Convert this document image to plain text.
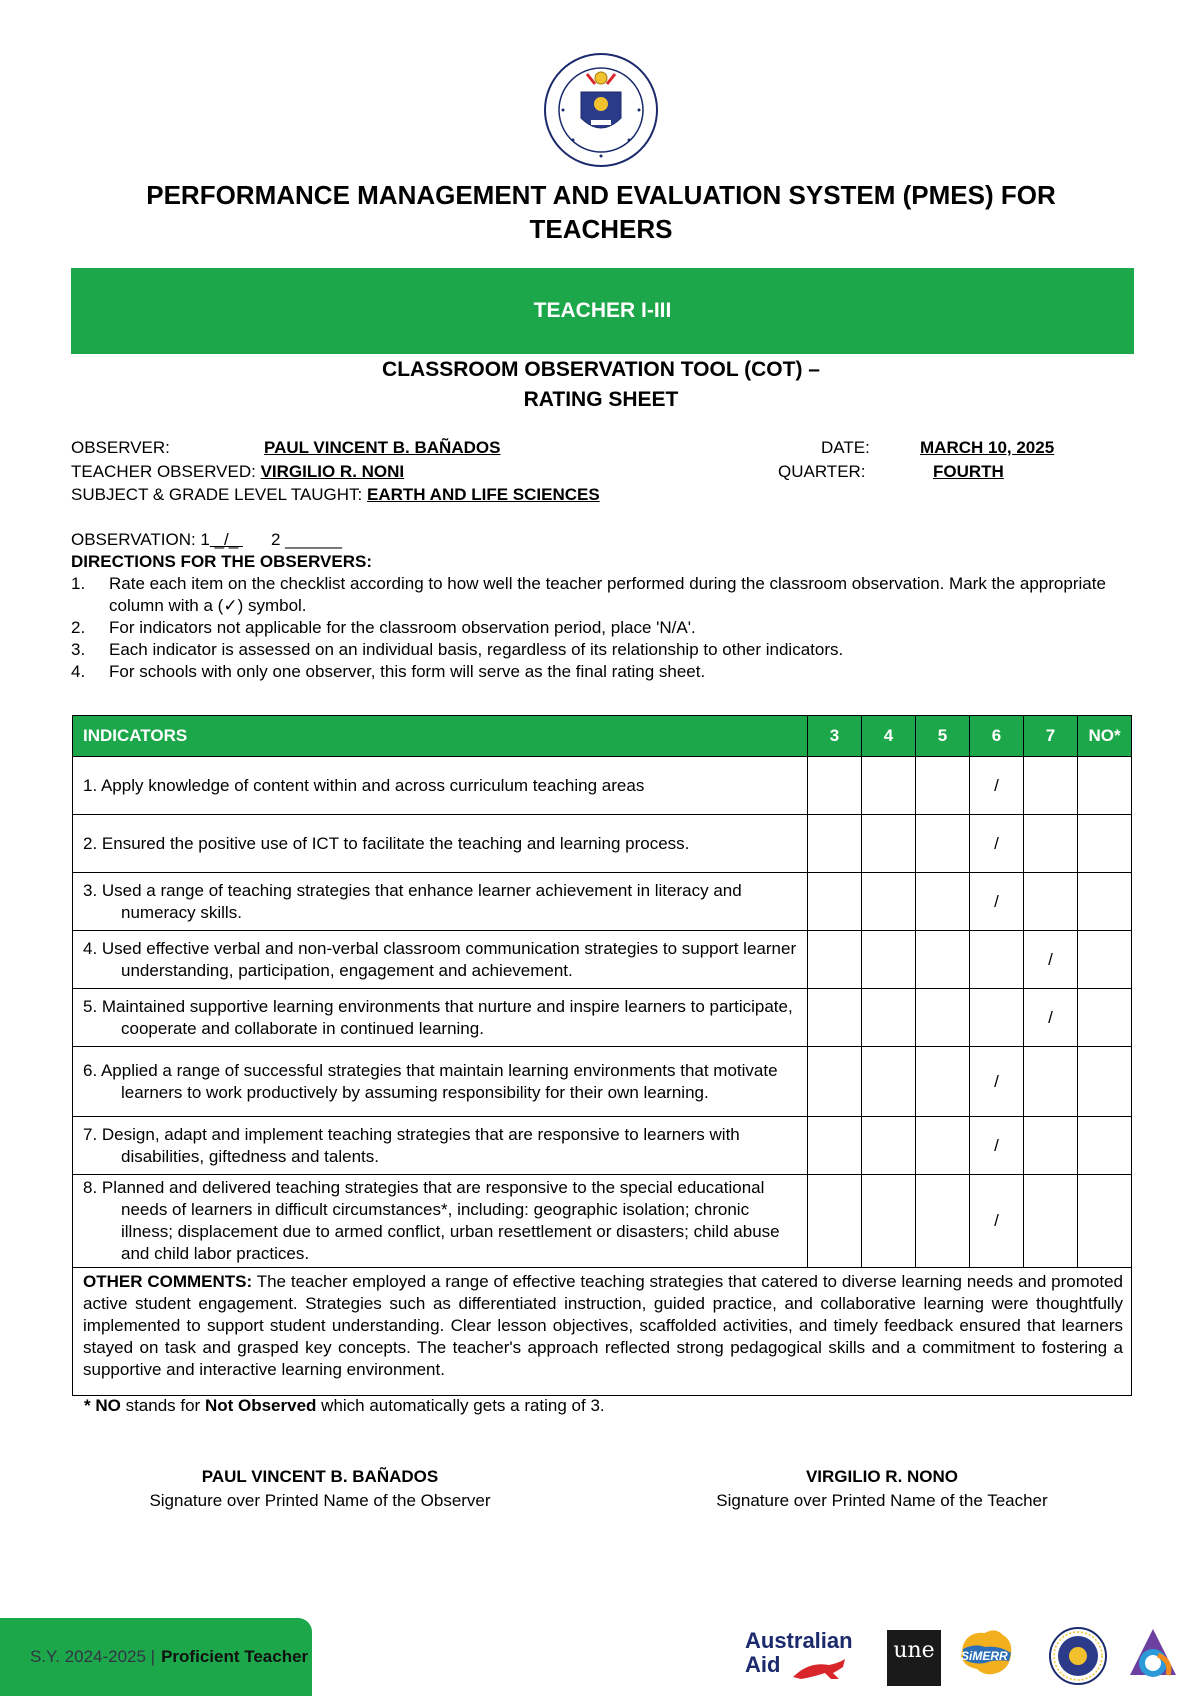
PERFORMANCE MANAGEMENT AND EVALUATION SYSTEM (PMES) FOR
TEACHERS
TEACHER I-III
CLASSROOM OBSERVATION TOOL (COT) –
RATING SHEET
OBSERVER:	PAUL VINCENT B. BAÑADOS	DATE:	MARCH 10, 2025
TEACHER OBSERVED: VIRGILIO R. NONI	QUARTER:	FOURTH
SUBJECT & GRADE LEVEL TAUGHT: EARTH AND LIFE SCIENCES
OBSERVATION: 1 _/_ 2 ______
DIRECTIONS FOR THE OBSERVERS:
1. Rate each item on the checklist according to how well the teacher performed during the classroom observation. Mark the appropriate column with a (✓) symbol.
2. For indicators not applicable for the classroom observation period, place 'N/A'.
3. Each indicator is assessed on an individual basis, regardless of its relationship to other indicators.
4. For schools with only one observer, this form will serve as the final rating sheet.
INDICATORS	3	4	5	6	7	NO*

1. Apply knowledge of content within and across curriculum teaching areas				/		

2. Ensured the positive use of ICT to facilitate the teaching and learning process.				/		

3. Used a range of teaching strategies that enhance learner achievement in literacy and numeracy skills.				/		

4. Used effective verbal and non-verbal classroom communication strategies to support learner understanding, participation, engagement and achievement.					/	

5. Maintained supportive learning environments that nurture and inspire learners to participate, cooperate and collaborate in continued learning.					/	

6. Applied a range of successful strategies that maintain learning environments that motivate learners to work productively by assuming responsibility for their own learning.				/		

7. Design, adapt and implement teaching strategies that are responsive to learners with disabilities, giftedness and talents.				/		

8. Planned and delivered teaching strategies that are responsive to the special educational needs of learners in difficult circumstances*, including: geographic isolation; chronic illness; displacement due to armed conflict, urban resettlement or disasters; child abuse and child labor practices.				/		
OTHER COMMENTS: The teacher employed a range of effective teaching strategies that catered to diverse learning needs and promoted active student engagement. Strategies such as differentiated instruction, guided practice, and collaborative learning were thoughtfully implemented to support student understanding. Clear lesson objectives, scaffolded activities, and timely feedback ensured that learners stayed on task and grasped key concepts. The teacher's approach reflected strong pedagogical skills and a commitment to fostering a supportive and interactive learning environment.						
* NO stands for Not Observed which automatically gets a rating of 3.
PAUL VINCENT B. BAÑADOS
Signature over Printed Name of the Observer
VIRGILIO R. NONO
Signature over Printed Name of the Teacher
S.Y. 2024-2025 | Proficient Teacher
Australian
Aid
une	SiMERR
